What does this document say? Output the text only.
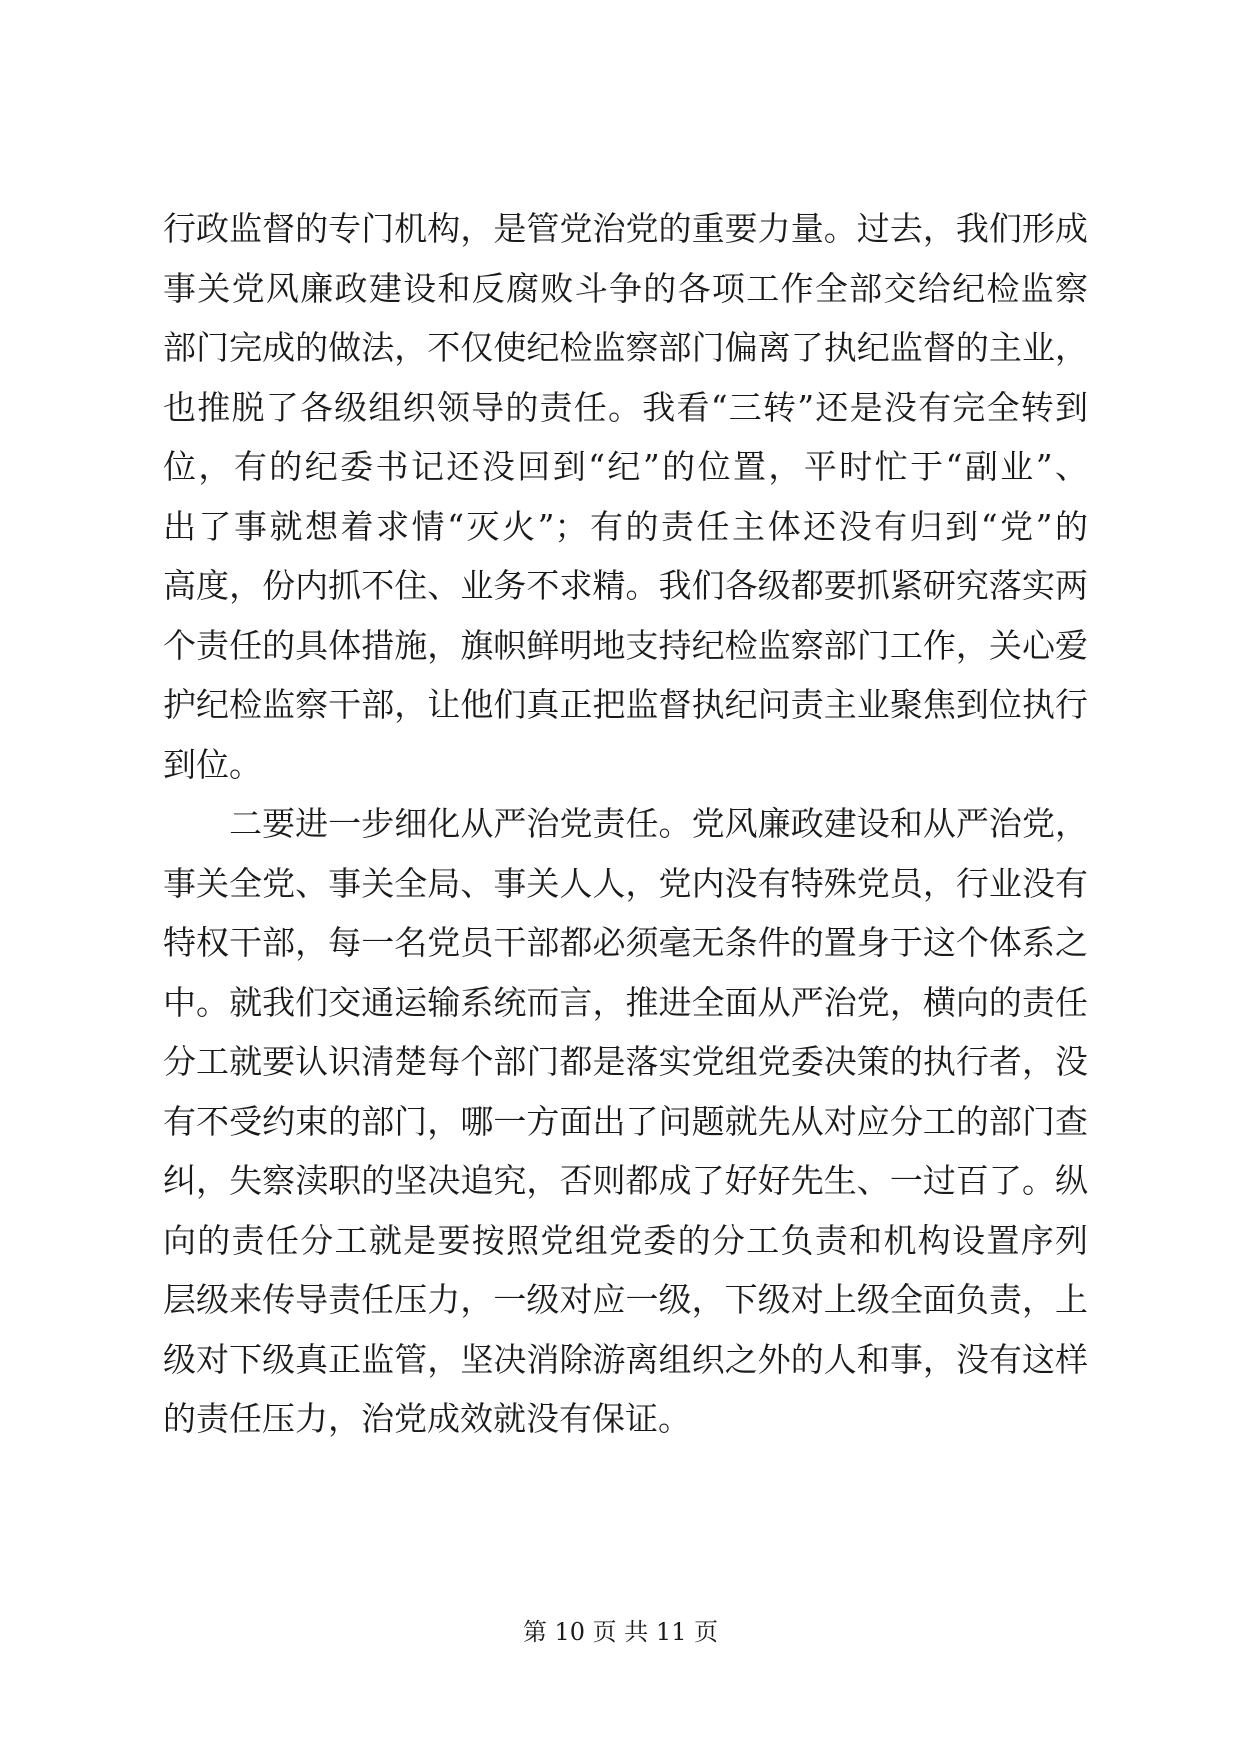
行政监督的专门机构，是管党治党的重要力量。过去，我们形成
事关党风廉政建设和反腐败斗争的各项工作全部交给纪检监察
部门完成的做法，不仅使纪检监察部门偏离了执纪监督的主业，
也推脱了各级组织领导的责任。我看“三转”还是没有完全转到
位，有的纪委书记还没回到“纪”的位置，平时忙于“副业”、
出了事就想着求情“灭火”；有的责任主体还没有归到“党”的
高度，份内抓不住、业务不求精。我们各级都要抓紧研究落实两
个责任的具体措施，旗帜鲜明地支持纪检监察部门工作，关心爱
护纪检监察干部，让他们真正把监督执纪问责主业聚焦到位执行
到位。
　　二要进一步细化从严治党责任。党风廉政建设和从严治党，
事关全党、事关全局、事关人人，党内没有特殊党员，行业没有
特权干部，每一名党员干部都必须毫无条件的置身于这个体系之
中。就我们交通运输系统而言，推进全面从严治党，横向的责任
分工就要认识清楚每个部门都是落实党组党委决策的执行者，没
有不受约束的部门，哪一方面出了问题就先从对应分工的部门查
纠，失察渎职的坚决追究，否则都成了好好先生、一过百了。纵
向的责任分工就是要按照党组党委的分工负责和机构设置序列
层级来传导责任压力，一级对应一级，下级对上级全面负责，上
级对下级真正监管，坚决消除游离组织之外的人和事，没有这样
的责任压力，治党成效就没有保证。
第 10 页 共 11 页
